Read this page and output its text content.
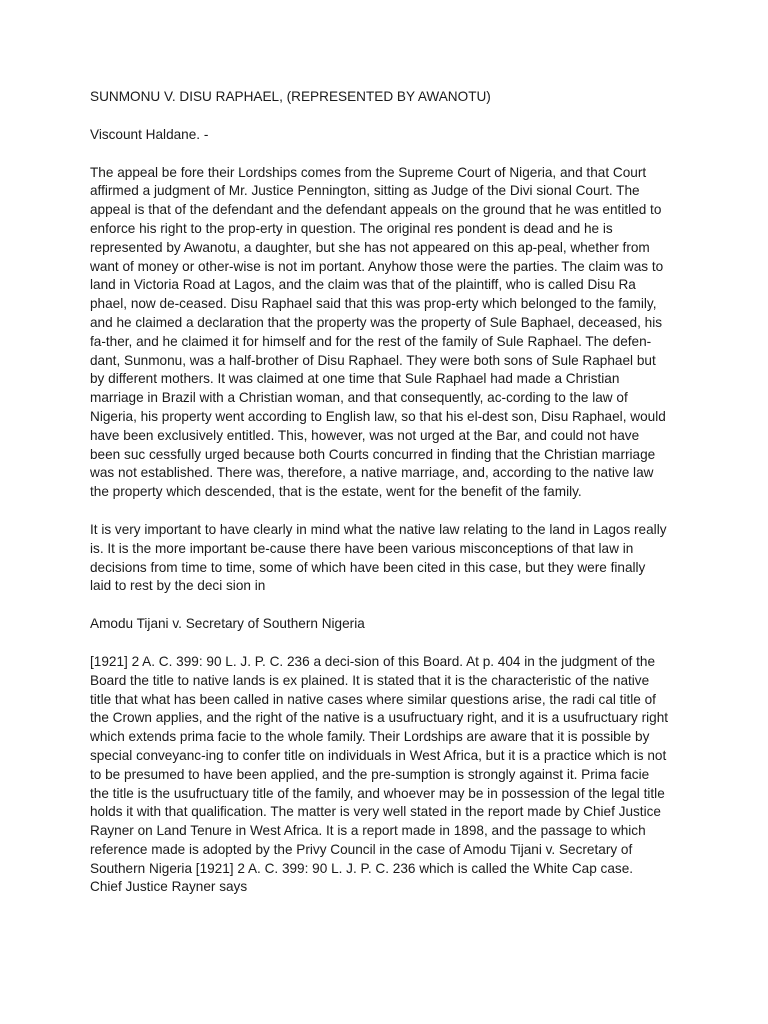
SUNMONU V. DISU RAPHAEL, (REPRESENTED BY AWANOTU)

Viscount Haldane. -

The appeal be fore their Lordships comes from the Supreme Court of Nigeria, and that Court
affirmed a judgment of Mr. Justice Pennington, sitting as Judge of the Divi sional Court. The
appeal is that of the defendant and the defendant appeals on the ground that he was entitled to
enforce his right to the prop-erty in question. The original res pondent is dead and he is
represented by Awanotu, a daughter, but she has not appeared on this ap-peal, whether from
want of money or other-wise is not im portant. Anyhow those were the parties. The claim was to
land in Victoria Road at Lagos, and the claim was that of the plaintiff, who is called Disu Ra
phael, now de-ceased. Disu Raphael said that this was prop-erty which belonged to the family,
and he claimed a declaration that the property was the property of Sule Baphael, deceased, his
fa-ther, and he claimed it for himself and for the rest of the family of Sule Raphael. The defen-
dant, Sunmonu, was a half-brother of Disu Raphael. They were both sons of Sule Raphael but
by different mothers. It was claimed at one time that Sule Raphael had made a Christian
marriage in Brazil with a Christian woman, and that consequently, ac-cording to the law of
Nigeria, his property went according to English law, so that his el-dest son, Disu Raphael, would
have been exclusively entitled. This, however, was not urged at the Bar, and could not have
been suc cessfully urged because both Courts concurred in finding that the Christian marriage
was not established. There was, therefore, a native marriage, and, according to the native law
the property which descended, that is the estate, went for the benefit of the family.

It is very important to have clearly in mind what the native law relating to the land in Lagos really
is. It is the more important be-cause there have been various misconceptions of that law in
decisions from time to time, some of which have been cited in this case, but they were finally
laid to rest by the deci sion in

Amodu Tijani v. Secretary of Southern Nigeria

[1921] 2 A. C. 399: 90 L. J. P. C. 236 a deci-sion of this Board. At p. 404 in the judgment of the
Board the title to native lands is ex plained. It is stated that it is the characteristic of the native
title that what has been called in native cases where similar questions arise, the radi cal title of
the Crown applies, and the right of the native is a usufructuary right, and it is a usufructuary right
which extends prima facie to the whole family. Their Lordships are aware that it is possible by
special conveyanc-ing to confer title on individuals in West Africa, but it is a practice which is not
to be presumed to have been applied, and the pre-sumption is strongly against it. Prima facie
the title is the usufructuary title of the family, and whoever may be in possession of the legal title
holds it with that qualification. The matter is very well stated in the report made by Chief Justice
Rayner on Land Tenure in West Africa. It is a report made in 1898, and the passage to which
reference made is adopted by the Privy Council in the case of Amodu Tijani v. Secretary of
Southern Nigeria [1921] 2 A. C. 399: 90 L. J. P. C. 236 which is called the White Cap case.
Chief Justice Rayner says
